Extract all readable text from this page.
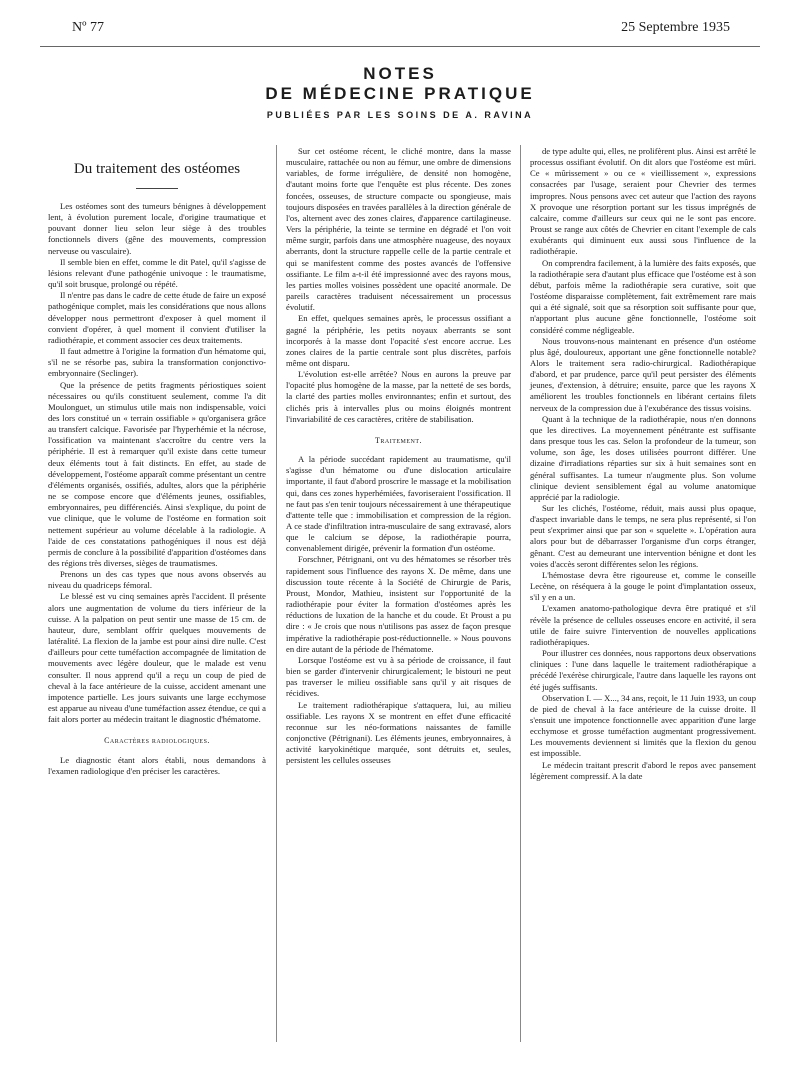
Nº 77	25 Septembre 1935
NOTES
DE MÉDECINE PRATIQUE
PUBLIÉES PAR LES SOINS DE A. RAVINA
Du traitement des ostéomes

Les ostéomes sont des tumeurs bénignes à développement lent, à évolution purement locale, d'origine traumatique et pouvant donner lieu selon leur siège à des troubles fonctionnels divers (gêne des mouvements, compression nerveuse ou vasculaire).

Il semble bien en effet, comme le dit Patel, qu'il s'agisse de lésions relevant d'une pathogénie univoque : le traumatisme, qu'il soit brusque, prolongé ou répété.

Il n'entre pas dans le cadre de cette étude de faire un exposé pathogénique complet, mais les considérations que nous allons développer nous permettront d'exposer à quel moment il convient d'opérer, à quel moment il convient d'utiliser la radiothérapie, et comment associer ces deux traitements.

Il faut admettre à l'origine la formation d'un hématome qui, s'il ne se résorbe pas, subira la transformation conjonctivo-embryonnaire (Seclinger).

Que la présence de petits fragments périostiques soient nécessaires ou qu'ils constituent seulement, comme l'a dit Moulonguet, un stimulus utile mais non indispensable, voici des lors constitué un « terrain ossifiable » qu'organisera grâce au transfert calcique. Favorisée par l'hyperhémie et la nécrose, l'ossification va maintenant s'accroître du centre vers la périphérie. Il est à remarquer qu'il existe dans cette tumeur deux éléments tout à fait distincts. En effet, au stade de développement, l'ostéome apparaît comme présentant un centre d'éléments organisés, ossifiés, adultes, alors que la périphérie ne se compose encore que d'éléments jeunes, ossifiables, embryonnaires, peu différenciés. Ainsi s'explique, du point de vue clinique, que le volume de l'ostéome en formation soit nettement supérieur au volume décelable à la radiologie. A l'aide de ces constatations pathogéniques il nous est déjà permis de conclure à la possibilité d'apparition d'ostéomes dans des régions très diverses, sièges de traumatismes.

Prenons un des cas types que nous avons observés au niveau du quadriceps fémoral.

Le blessé est vu cinq semaines après l'accident. Il présente alors une augmentation de volume du tiers inférieur de la cuisse. A la palpation on peut sentir une masse de 15 cm. de hauteur, dure, semblant offrir quelques mouvements de latéralité. La flexion de la jambe est pour ainsi dire nulle. C'est d'ailleurs pour cette tuméfaction accompagnée de limitation de mouvements avec légère douleur, que le malade est venu consulter. Il nous apprend qu'il a reçu un coup de pied de cheval à la face antérieure de la cuisse, accident amenant une impotence partielle. Les jours suivants une large ecchymose est apparue au niveau d'une tuméfaction assez étendue, ce qui a fait alors porter au médecin traitant le diagnostic d'hématome.

Caractères radiologiques.

Le diagnostic étant alors établi, nous demandons à l'examen radiologique d'en préciser les caractères.

Sur cet ostéome récent, le cliché montre, dans la masse musculaire, rattachée ou non au fémur, une ombre de dimensions variables, de forme irrégulière, de densité non homogène, d'autant moins forte que l'enquête est plus récente. Des zones foncées, osseuses, de structure compacte ou spongieuse, mais toujours disposées en travées parallèles à la direction générale de l'os, alternent avec des zones claires, d'apparence cartilagineuse. Vers la périphérie, la teinte se termine en dégradé et l'on voit même surgir, parfois dans une atmosphère nuageuse, des noyaux aberrants, dont la structure rappelle celle de la partie centrale et qui se manifestent comme des postes avancés de l'offensive ossifiante. Le film a-t-il été impressionné avec des rayons mous, les parties molles voisines possèdent une opacité anormale. De pareils caractères traduisent nécessairement un processus évolutif.

En effet, quelques semaines après, le processus ossifiant a gagné la périphérie, les petits noyaux aberrants se sont incorporés à la masse dont l'opacité s'est encore accrue. Les zones claires de la partie centrale sont plus discrètes, parfois même ont disparu.

L'évolution est-elle arrêtée? Nous en aurons la preuve par l'opacité plus homogène de la masse, par la netteté de ses bords, la clarté des parties molles environnantes; enfin et surtout, des clichés pris à intervalles plus ou moins éloignés montrent l'invariabilité de ces caractères, critère de stabilisation.

Traitement.

A la période succédant rapidement au traumatisme, qu'il s'agisse d'un hématome ou d'une dislocation articulaire importante, il faut d'abord proscrire le massage et la mobilisation qui, dans ces zones hyperhémiées, favoriseraient l'ossification. Il ne faut pas s'en tenir toujours nécessairement à une thérapeutique d'attente telle que : immobilisation et compression de la région. A ce stade d'infiltration intra-musculaire de sang extravasé, alors que le calcium se dépose, la radiothérapie pourra, convenablement dirigée, prévenir la formation d'un ostéome.

Forschner, Pétrignani, ont vu des hématomes se résorber très rapidement sous l'influence des rayons X. De même, dans une discussion toute récente à la Société de Chirurgie de Paris, Proust, Mondor, Mathieu, insistent sur l'opportunité de la radiothérapie pour éviter la formation d'ostéomes après les réductions de luxation de la hanche et du coude. Et Proust a pu dire : « Je crois que nous n'utilisons pas assez de façon presque impérative la radiothérapie post-réductionnelle. » Nous pouvons en dire autant de la période de l'hématome.

Lorsque l'ostéome est vu à sa période de croissance, il faut bien se garder d'intervenir chirurgicalement; le bistouri ne peut pas traverser le milieu ossifiable sans qu'il y ait risques de récidives.

Le traitement radiothérapique s'attaquera, lui, au milieu ossifiable. Les rayons X se montrent en effet d'une efficacité reconnue sur les néo-formations naissantes de famille conjonctive (Pétrignani). Les éléments jeunes, embryonnaires, à activité karyokinétique marquée, sont détruits et, seules, persistent les cellules osseuses

de type adulte qui, elles, ne prolifèrent plus. Ainsi est arrêté le processus ossifiant évolutif. On dit alors que l'ostéome est mûri. Ce « mûrissement » ou ce « vieillissement », expressions consacrées par l'usage, seraient pour Chevrier des termes impropres. Nous pensons avec cet auteur que l'action des rayons X provoque une résorption portant sur les tissus imprégnés de calcaire, comme d'ailleurs sur ceux qui ne le sont pas encore. Proust se range aux côtés de Chevrier en citant l'exemple de cals exubérants qui diminuent eux aussi sous l'influence de la radiothérapie.

On comprendra facilement, à la lumière des faits exposés, que la radiothérapie sera d'autant plus efficace que l'ostéome est à son début, parfois même la radiothérapie sera curative, soit que l'ostéome disparaisse complètement, fait extrêmement rare mais qui a été signalé, soit que sa résorption soit suffisante pour que, n'apportant plus aucune gêne fonctionnelle, l'ostéome soit considéré comme négligeable.

Nous trouvons-nous maintenant en présence d'un ostéome plus âgé, douloureux, apportant une gêne fonctionnelle notable? Alors le traitement sera radio-chirurgical. Radiothérapique d'abord, et par prudence, parce qu'il peut persister des éléments jeunes, d'extension, à détruire; ensuite, parce que les rayons X améliorent les troubles fonctionnels en libérant certains filets nerveux de la compression due à l'exubérance des tissus voisins.

Quant à la technique de la radiothérapie, nous n'en donnons que les directives. La moyennement pénétrante est suffisante dans presque tous les cas. Selon la profondeur de la tumeur, son volume, son âge, les doses utilisées pourront différer. Une dizaine d'irradiations réparties sur six à huit semaines sont en général suffisantes. La tumeur n'augmente plus. Son volume clinique devient sensiblement égal au volume anatomique apprécié par la radiologie.

Sur les clichés, l'ostéome, réduit, mais aussi plus opaque, d'aspect invariable dans le temps, ne sera plus représenté, si l'on peut s'exprimer ainsi que par son « squelette ». L'opération aura alors pour but de débarrasser l'organisme d'un corps étranger, gênant. C'est au demeurant une intervention bénigne et dont les voies d'accès seront différentes selon les régions.

L'hémostase devra être rigoureuse et, comme le conseille Lecène, on réséquera à la gouge le point d'implantation osseux, s'il y en a un.

L'examen anatomo-pathologique devra être pratiqué et s'il révèle la présence de cellules osseuses encore en activité, il sera utile de faire suivre l'intervention de nouvelles applications radiothérapiques.

Pour illustrer ces données, nous rapportons deux observations cliniques : l'une dans laquelle le traitement radiothérapique a précédé l'exérèse chirurgicale, l'autre dans laquelle les rayons ont été jugés suffisants.

Observation I. — X..., 34 ans, reçoit, le 11 Juin 1933, un coup de pied de cheval à la face antérieure de la cuisse droite. Il s'ensuit une impotence fonctionnelle avec apparition d'une large ecchymose et grosse tuméfaction augmentant progressivement. Les mouvements deviennent si limités que la flexion du genou est impossible.

Le médecin traitant prescrit d'abord le repos avec pansement légèrement compressif. A la date
